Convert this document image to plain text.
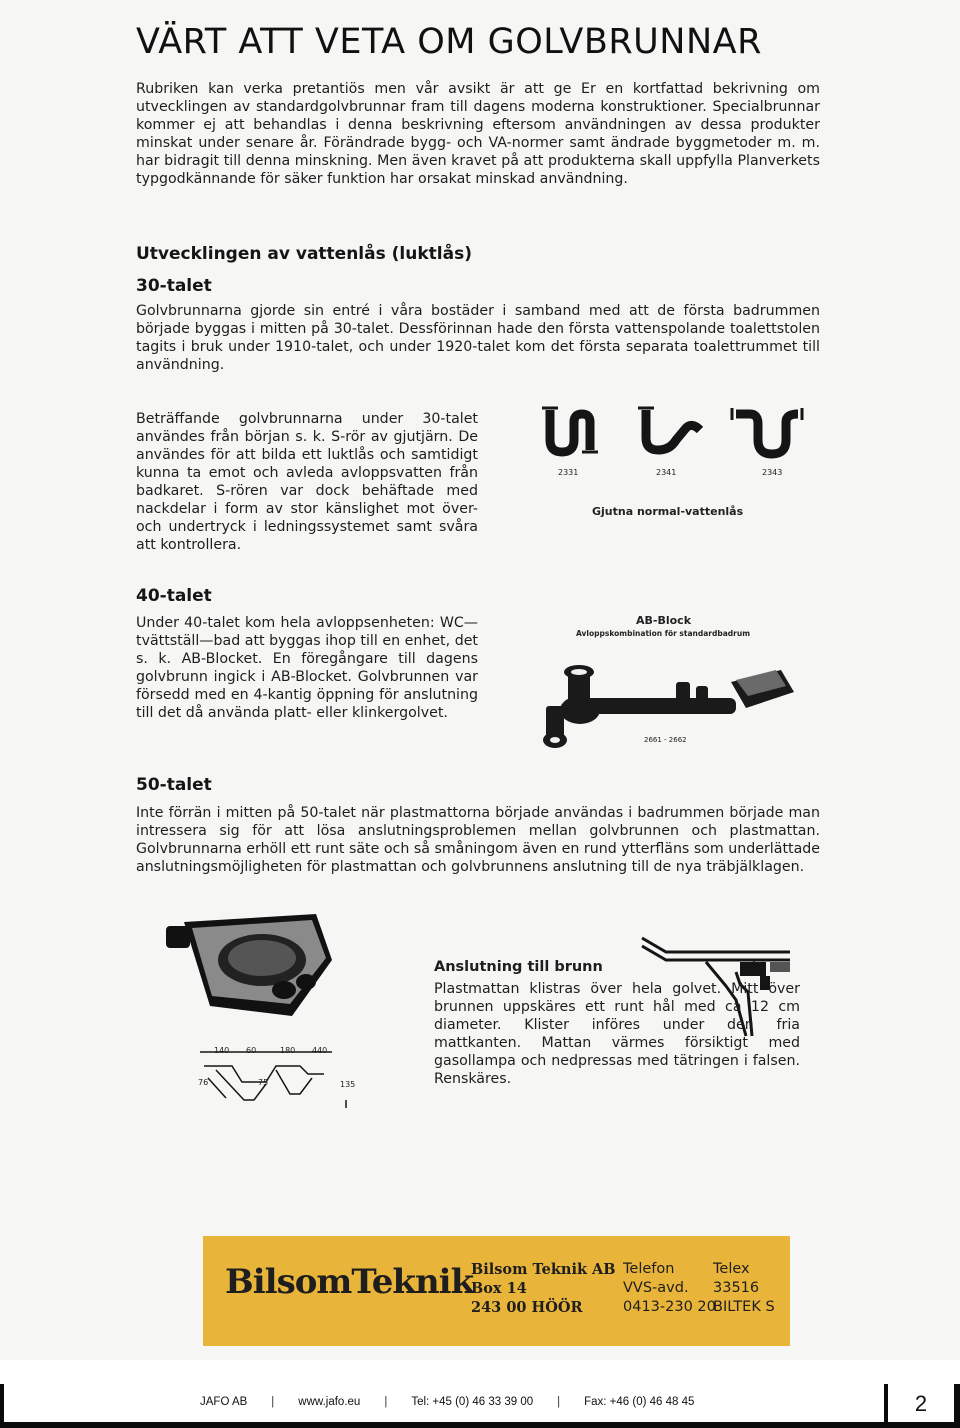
VÄRT ATT VETA OM GOLVBRUNNAR
Rubriken kan verka pretantiös men vår avsikt är att ge Er en kortfattad bekrivning om utvecklingen av standardgolvbrunnar fram till dagens moderna konstruktioner. Specialbrunnar kommer ej att behandlas i denna beskrivning eftersom användningen av dessa produkter minskat under senare år. Förändrade bygg- och VA-normer samt ändrade byggmetoder m. m. har bidragit till denna minskning. Men även kravet på att produkterna skall uppfylla Planverkets typgodkännande för säker funktion har orsakat minskad användning.
Utvecklingen av vattenlås (luktlås)
30-talet
Golvbrunnarna gjorde sin entré i våra bostäder i samband med att de första badrummen började byggas i mitten på 30-talet. Dessförinnan hade den första vattenspolande toalettstolen tagits i bruk under 1910-talet, och under 1920-talet kom det första separata toalettrummet till användning.
Beträffande golvbrunnarna under 30-talet användes från början s. k. S-rör av gjutjärn. De användes för att bilda ett luktlås och samtidigt kunna ta emot och avleda avloppsvatten från badkaret. S-rören var dock behäftade med nackdelar i form av stor känslighet mot över- och undertryck i ledningssystemet samt svåra att kontrollera.
2331	2341	2343
Gjutna normal-vattenlås
40-talet
Under 40-talet kom hela avloppsenheten: WC—tvättställ—bad att byggas ihop till en enhet, det s. k. AB-Blocket. En föregångare till dagens golvbrunn ingick i AB-Blocket. Golvbrunnen var försedd med en 4-kantig öppning för anslutning till det då använda platt- eller klinkergolvet.
AB-Block
Avloppskombination för standardbadrum
2661 - 2662
50-talet
Inte förrän i mitten på 50-talet när plastmattorna började användas i badrummen började man intressera sig för att lösa anslutningsproblemen mellan golvbrunnen och plastmattan. Golvbrunnarna erhöll ett runt säte och så småningom även en rund ytterfläns som underlättade anslutningsmöjligheten för plastmattan och golvbrunnens anslutning till de nya träbjälklagen.
140 60	180 440
76	75	135
Anslutning till brunn
Plastmattan klistras över hela golvet. Mitt över brunnen uppskäres ett runt hål med ca 12 cm diameter. Klister införes under den fria mattkanten. Mattan värmes försiktigt med gasollampa och nedpressas med tätringen i falsen. Renskäres.
BilsomTeknik
Bilsom Teknik AB
Box 14
243 00 HÖÖR
Telefon
VVS-avd.
0413-230 20
Telex
33516
BILTEK S
JAFO AB | www.jafo.eu | Tel: +45 (0) 46 33 39 00 | Fax: +46 (0) 46 48 45	2
